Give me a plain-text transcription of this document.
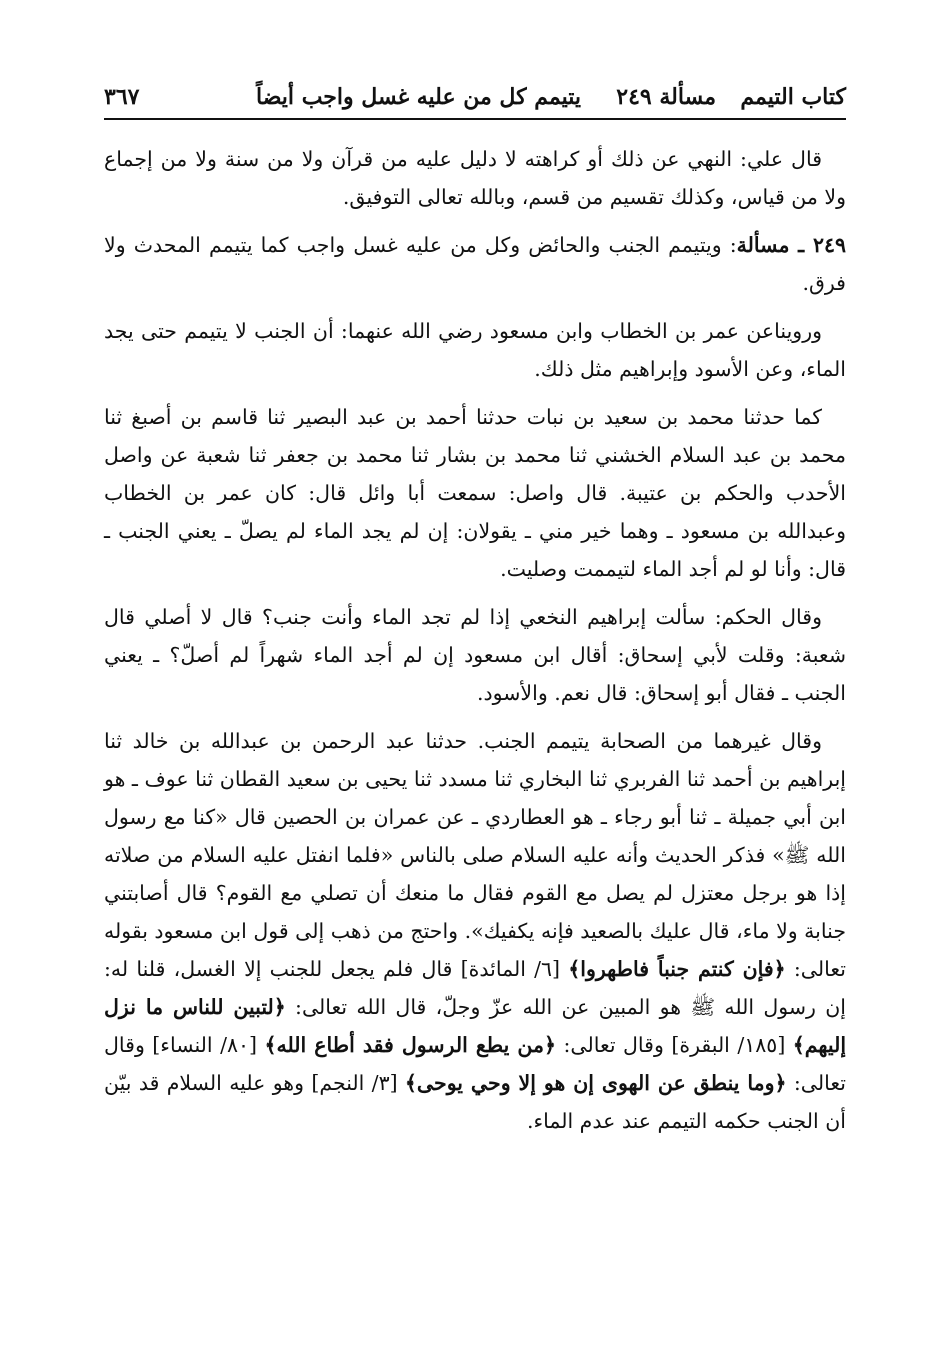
كتاب التيمم
مسألة ٢٤٩
يتيمم كل من عليه غسل واجب أيضاً
٣٦٧

قال علي: النهي عن ذلك أو كراهته لا دليل عليه من قرآن ولا من سنة ولا من إجماع ولا من قياس، وكذلك تقسيم من قسم، وبالله تعالى التوفيق.

٢٤٩ ـ مسألة: ويتيمم الجنب والحائض وكل من عليه غسل واجب كما يتيمم المحدث ولا فرق.

ورويناعن عمر بن الخطاب وابن مسعود رضي الله عنهما: أن الجنب لا يتيمم حتى يجد الماء، وعن الأسود وإبراهيم مثل ذلك.

كما حدثنا محمد بن سعيد بن نبات حدثنا أحمد بن عبد البصير ثنا قاسم بن أصبغ ثنا محمد بن عبد السلام الخشني ثنا محمد بن بشار ثنا محمد بن جعفر ثنا شعبة عن واصل الأحدب والحكم بن عتيبة. قال واصل: سمعت أبا وائل قال: كان عمر بن الخطاب وعبدالله بن مسعود ـ وهما خير مني ـ يقولان: إن لم يجد الماء لم يصلّ ـ يعني الجنب ـ قال: وأنا لو لم أجد الماء لتيممت وصليت.

وقال الحكم: سألت إبراهيم النخعي إذا لم تجد الماء وأنت جنب؟ قال لا أصلي قال شعبة: وقلت لأبي إسحاق: أقال ابن مسعود إن لم أجد الماء شهراً لم أصلّ؟ ـ يعني الجنب ـ فقال أبو إسحاق: قال نعم. والأسود.

وقال غيرهما من الصحابة يتيمم الجنب. حدثنا عبد الرحمن بن عبدالله بن خالد ثنا إبراهيم بن أحمد ثنا الفربري ثنا البخاري ثنا مسدد ثنا يحيى بن سعيد القطان ثنا عوف ـ هو ابن أبي جميلة ـ ثنا أبو رجاء ـ هو العطاردي ـ عن عمران بن الحصين قال «كنا مع رسول الله ﷺ» فذكر الحديث وأنه عليه السلام صلى بالناس «فلما انفتل عليه السلام من صلاته إذا هو برجل معتزل لم يصل مع القوم فقال ما منعك أن تصلي مع القوم؟ قال أصابتني جنابة ولا ماء، قال عليك بالصعيد فإنه يكفيك». واحتج من ذهب إلى قول ابن مسعود بقوله تعالى: ﴿فإن كنتم جنباً فاطهروا﴾ [٦/ المائدة] قال فلم يجعل للجنب إلا الغسل، قلنا له: إن رسول الله ﷺ هو المبين عن الله عزّ وجلّ، قال الله تعالى: ﴿لتبين للناس ما نزل إليهم﴾ [١٨٥/ البقرة] وقال تعالى: ﴿من يطع الرسول فقد أطاع الله﴾ [٨٠/ النساء] وقال تعالى: ﴿وما ينطق عن الهوى إن هو إلا وحي يوحى﴾ [٣/ النجم] وهو عليه السلام قد بيّن أن الجنب حكمه التيمم عند عدم الماء.
